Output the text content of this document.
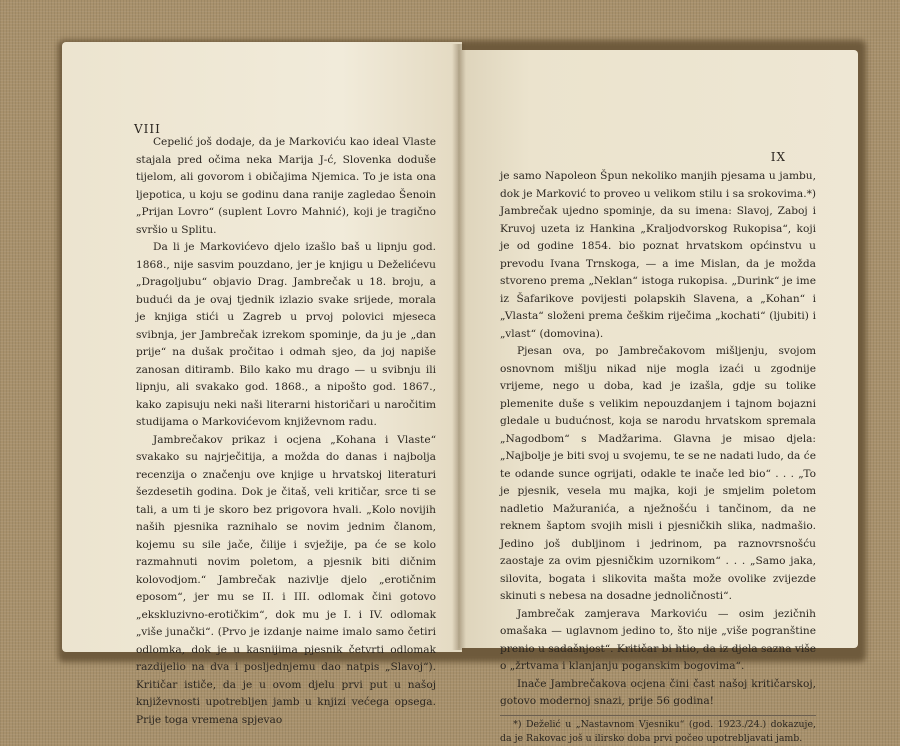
VIII

Cepelić još dodaje, da je Markoviću kao ideal Vlaste stajala pred očima neka Marija J-ć, Slovenka doduše tijelom, ali govorom i običajima Njemica. To je ista ona ljepotica, u koju se godinu dana ranije zagledao Šenoin „Prijan Lovro“ (suplent Lovro Mahnić), koji je tragično svršio u Splitu.

Da li je Markovićevo djelo izašlo baš u lipnju god. 1868., nije sasvim pouzdano, jer je knjigu u Deželićevu „Dragoljubu“ objavio Drag. Jambrečak u 18. broju, a budući da je ovaj tjednik izlazio svake srijede, morala je knjiga stići u Zagreb u prvoj polovici mjeseca svibnja, jer Jambrečak izrekom spominje, da ju je „dan prije“ na dušak pročitao i odmah sjeo, da joj napiše zanosan ditiramb. Bilo kako mu drago — u svibnju ili lipnju, ali svakako god. 1868., a nipošto god. 1867., kako zapisuju neki naši literarni historičari u naročitim studijama o Markovićevom književnom radu.

Jambrečakov prikaz i ocjena „Kohana i Vlaste“ svakako su najrječitija, a možda do danas i najbolja recenzija o značenju ove knjige u hrvatskoj literaturi šezdesetih godina. Dok je čitaš, veli kritičar, srce ti se tali, a um ti je skoro bez prigovora hvali. „Kolo novijih naših pjesnika raznihalo se novim jednim članom, kojemu su sile jače, čilije i svježije, pa će se kolo razmahnuti novim poletom, a pjesnik biti dičnim kolovodjom.“ Jambrečak nazivlje djelo „erotičnim eposom“, jer mu se II. i III. odlomak čini gotovo „ekskluzivno-erotičkim“, dok mu je I. i IV. odlomak „više junački“. (Prvo je izdanje naime imalo samo četiri odlomka, dok je u kasnijima pjesnik četvrti odlomak razdijelio na dva i posljednjemu dao natpis „Slavoj“). Kritičar ističe, da je u ovom djelu prvi put u našoj književnosti upotrebljen jamb u knjizi većega opsega. Prije toga vremena spjevao

IX

je samo Napoleon Špun nekoliko manjih pjesama u jambu, dok je Marković to proveo u velikom stilu i sa srokovima.*) Jambrečak ujedno spominje, da su imena: Slavoj, Zaboj i Kruvoj uzeta iz Hankina „Kraljodvorskog Rukopisa“, koji je od godine 1854. bio poznat hrvatskom općinstvu u prevodu Ivana Trnskoga, — a ime Mislan, da je možda stvoreno prema „Neklan“ istoga rukopisa. „Durink“ je ime iz Šafarikove povijesti polapskih Slavena, a „Kohan“ i „Vlasta“ složeni prema češkim riječima „kochati“ (ljubiti) i „vlast“ (domovina).

Pjesan ova, po Jambrečakovom mišljenju, svojom osnovnom mišlju nikad nije mogla izaći u zgodnije vrijeme, nego u doba, kad je izašla, gdje su tolike plemenite duše s velikim nepouzdanjem i tajnom bojazni gledale u budućnost, koja se narodu hrvatskom spremala „Nagodbom“ s Madžarima. Glavna je misao djela: „Najbolje je biti svoj u svojemu, te se ne nadati ludo, da će te odande sunce ogrijati, odakle te inače led bio“ . . . „To je pjesnik, vesela mu majka, koji je smjelim poletom nadletio Mažuranića, a nježnošću i tančinom, da ne reknem šaptom svojih misli i pjesničkih slika, nadmašio. Jedino još dubljinom i jedrinom, pa raznovrsnošću zaostaje za ovim pjesničkim uzornikom“ . . . „Samo jaka, silovita, bogata i slikovita mašta može ovolike zvijezde skinuti s nebesa na dosadne jednoličnosti“.

Jambrečak zamjerava Markoviću — osim jezičnih omašaka — uglavnom jedino to, što nije „više pogranštine prenio u sadašnjost“. Kritičar bi htio, da iz djela sazna više o „žrtvama i klanjanju poganskim bogovima“.

Inače Jambrečakova ocjena čini čast našoj kritičarskoj, gotovo modernoj snazi, prije 56 godina!

*) Deželić u „Nastavnom Vjesniku“ (god. 1923./24.) dokazuje, da je Rakovac još u ilirsko doba prvi počeo upotrebljavati jamb.
